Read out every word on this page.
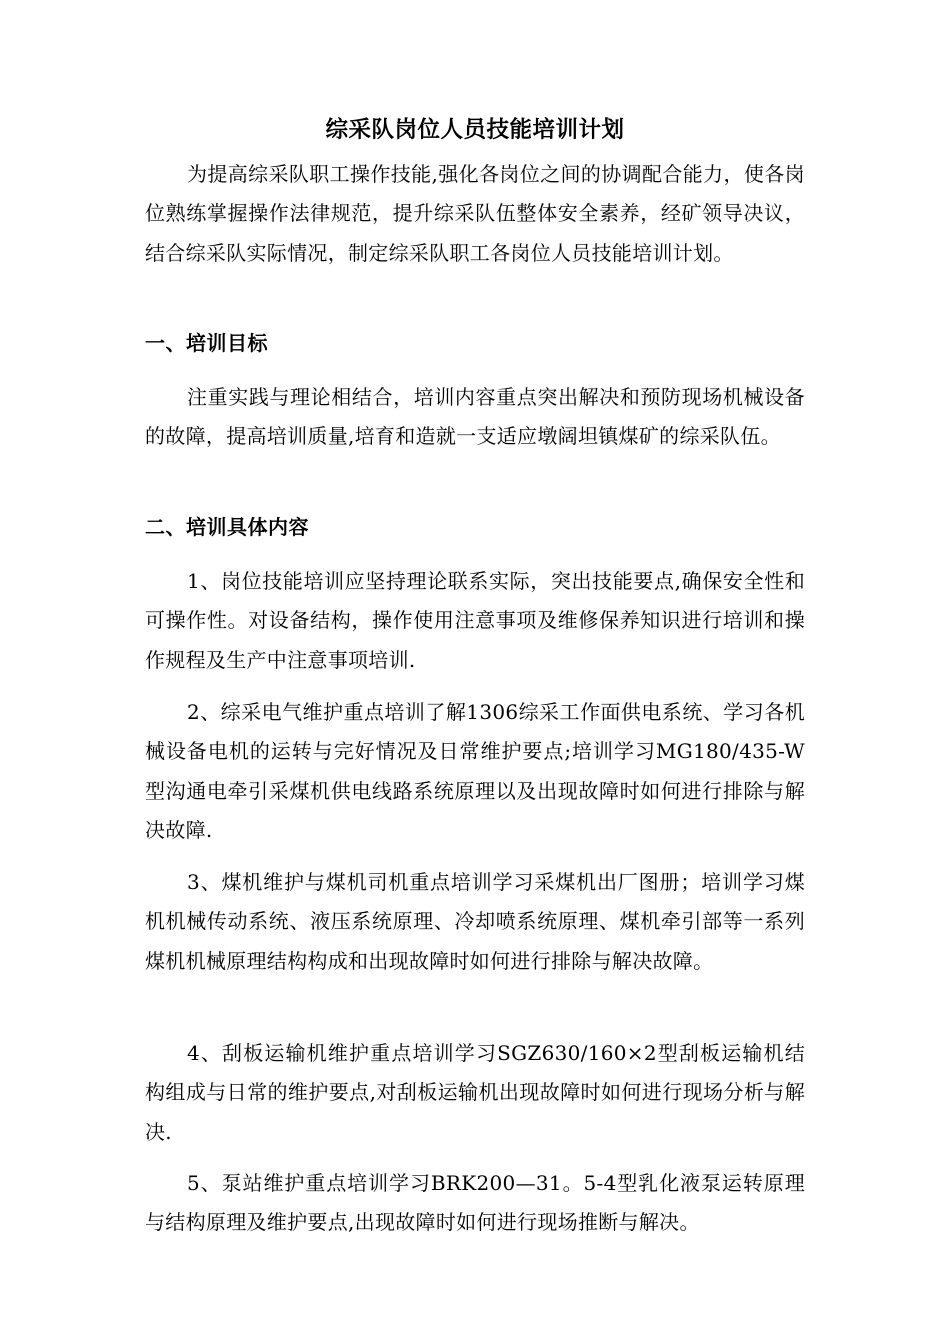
综采队岗位人员技能培训计划

为提高综采队职工操作技能,强化各岗位之间的协调配合能力，使各岗位熟练掌握操作法律规范，提升综采队伍整体安全素养，经矿领导决议，结合综采队实际情况，制定综采队职工各岗位人员技能培训计划。

一、培训目标

注重实践与理论相结合，培训内容重点突出解决和预防现场机械设备的故障，提高培训质量,培育和造就一支适应墩阔坦镇煤矿的综采队伍。

二、培训具体内容

1、岗位技能培训应坚持理论联系实际，突出技能要点,确保安全性和可操作性。对设备结构，操作使用注意事项及维修保养知识进行培训和操作规程及生产中注意事项培训.

2、综采电气维护重点培训了解1306综采工作面供电系统、学习各机械设备电机的运转与完好情况及日常维护要点;培训学习MG180/435-W型沟通电牵引采煤机供电线路系统原理以及出现故障时如何进行排除与解决故障.

3、煤机维护与煤机司机重点培训学习采煤机出厂图册；培训学习煤机机械传动系统、液压系统原理、冷却喷系统原理、煤机牵引部等一系列煤机机械原理结构构成和出现故障时如何进行排除与解决故障。

4、刮板运输机维护重点培训学习SGZ630/160×2型刮板运输机结构组成与日常的维护要点,对刮板运输机出现故障时如何进行现场分析与解决.

5、泵站维护重点培训学习BRK200—31。5-4型乳化液泵运转原理与结构原理及维护要点,出现故障时如何进行现场推断与解决。
